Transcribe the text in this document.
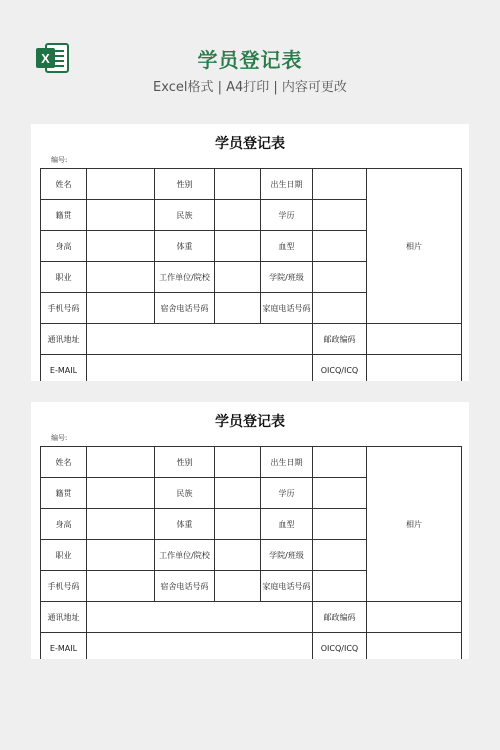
X	学员登记表
Excel格式 | A4打印 | 内容可更改
学员登记表
编号:
姓名		性别		出生日期		相片
籍贯		民族		学历		
身高		体重		血型		
职业		工作单位/院校		学院/班级		
手机号码		宿舍电话号码		家庭电话号码		
通讯地址					邮政编码	
E-MAIL					OICQ/ICQ	
学员登记表
编号:
姓名		性别		出生日期		相片
籍贯		民族		学历		
身高		体重		血型		
职业		工作单位/院校		学院/班级		
手机号码		宿舍电话号码		家庭电话号码		
通讯地址					邮政编码	
E-MAIL					OICQ/ICQ	
